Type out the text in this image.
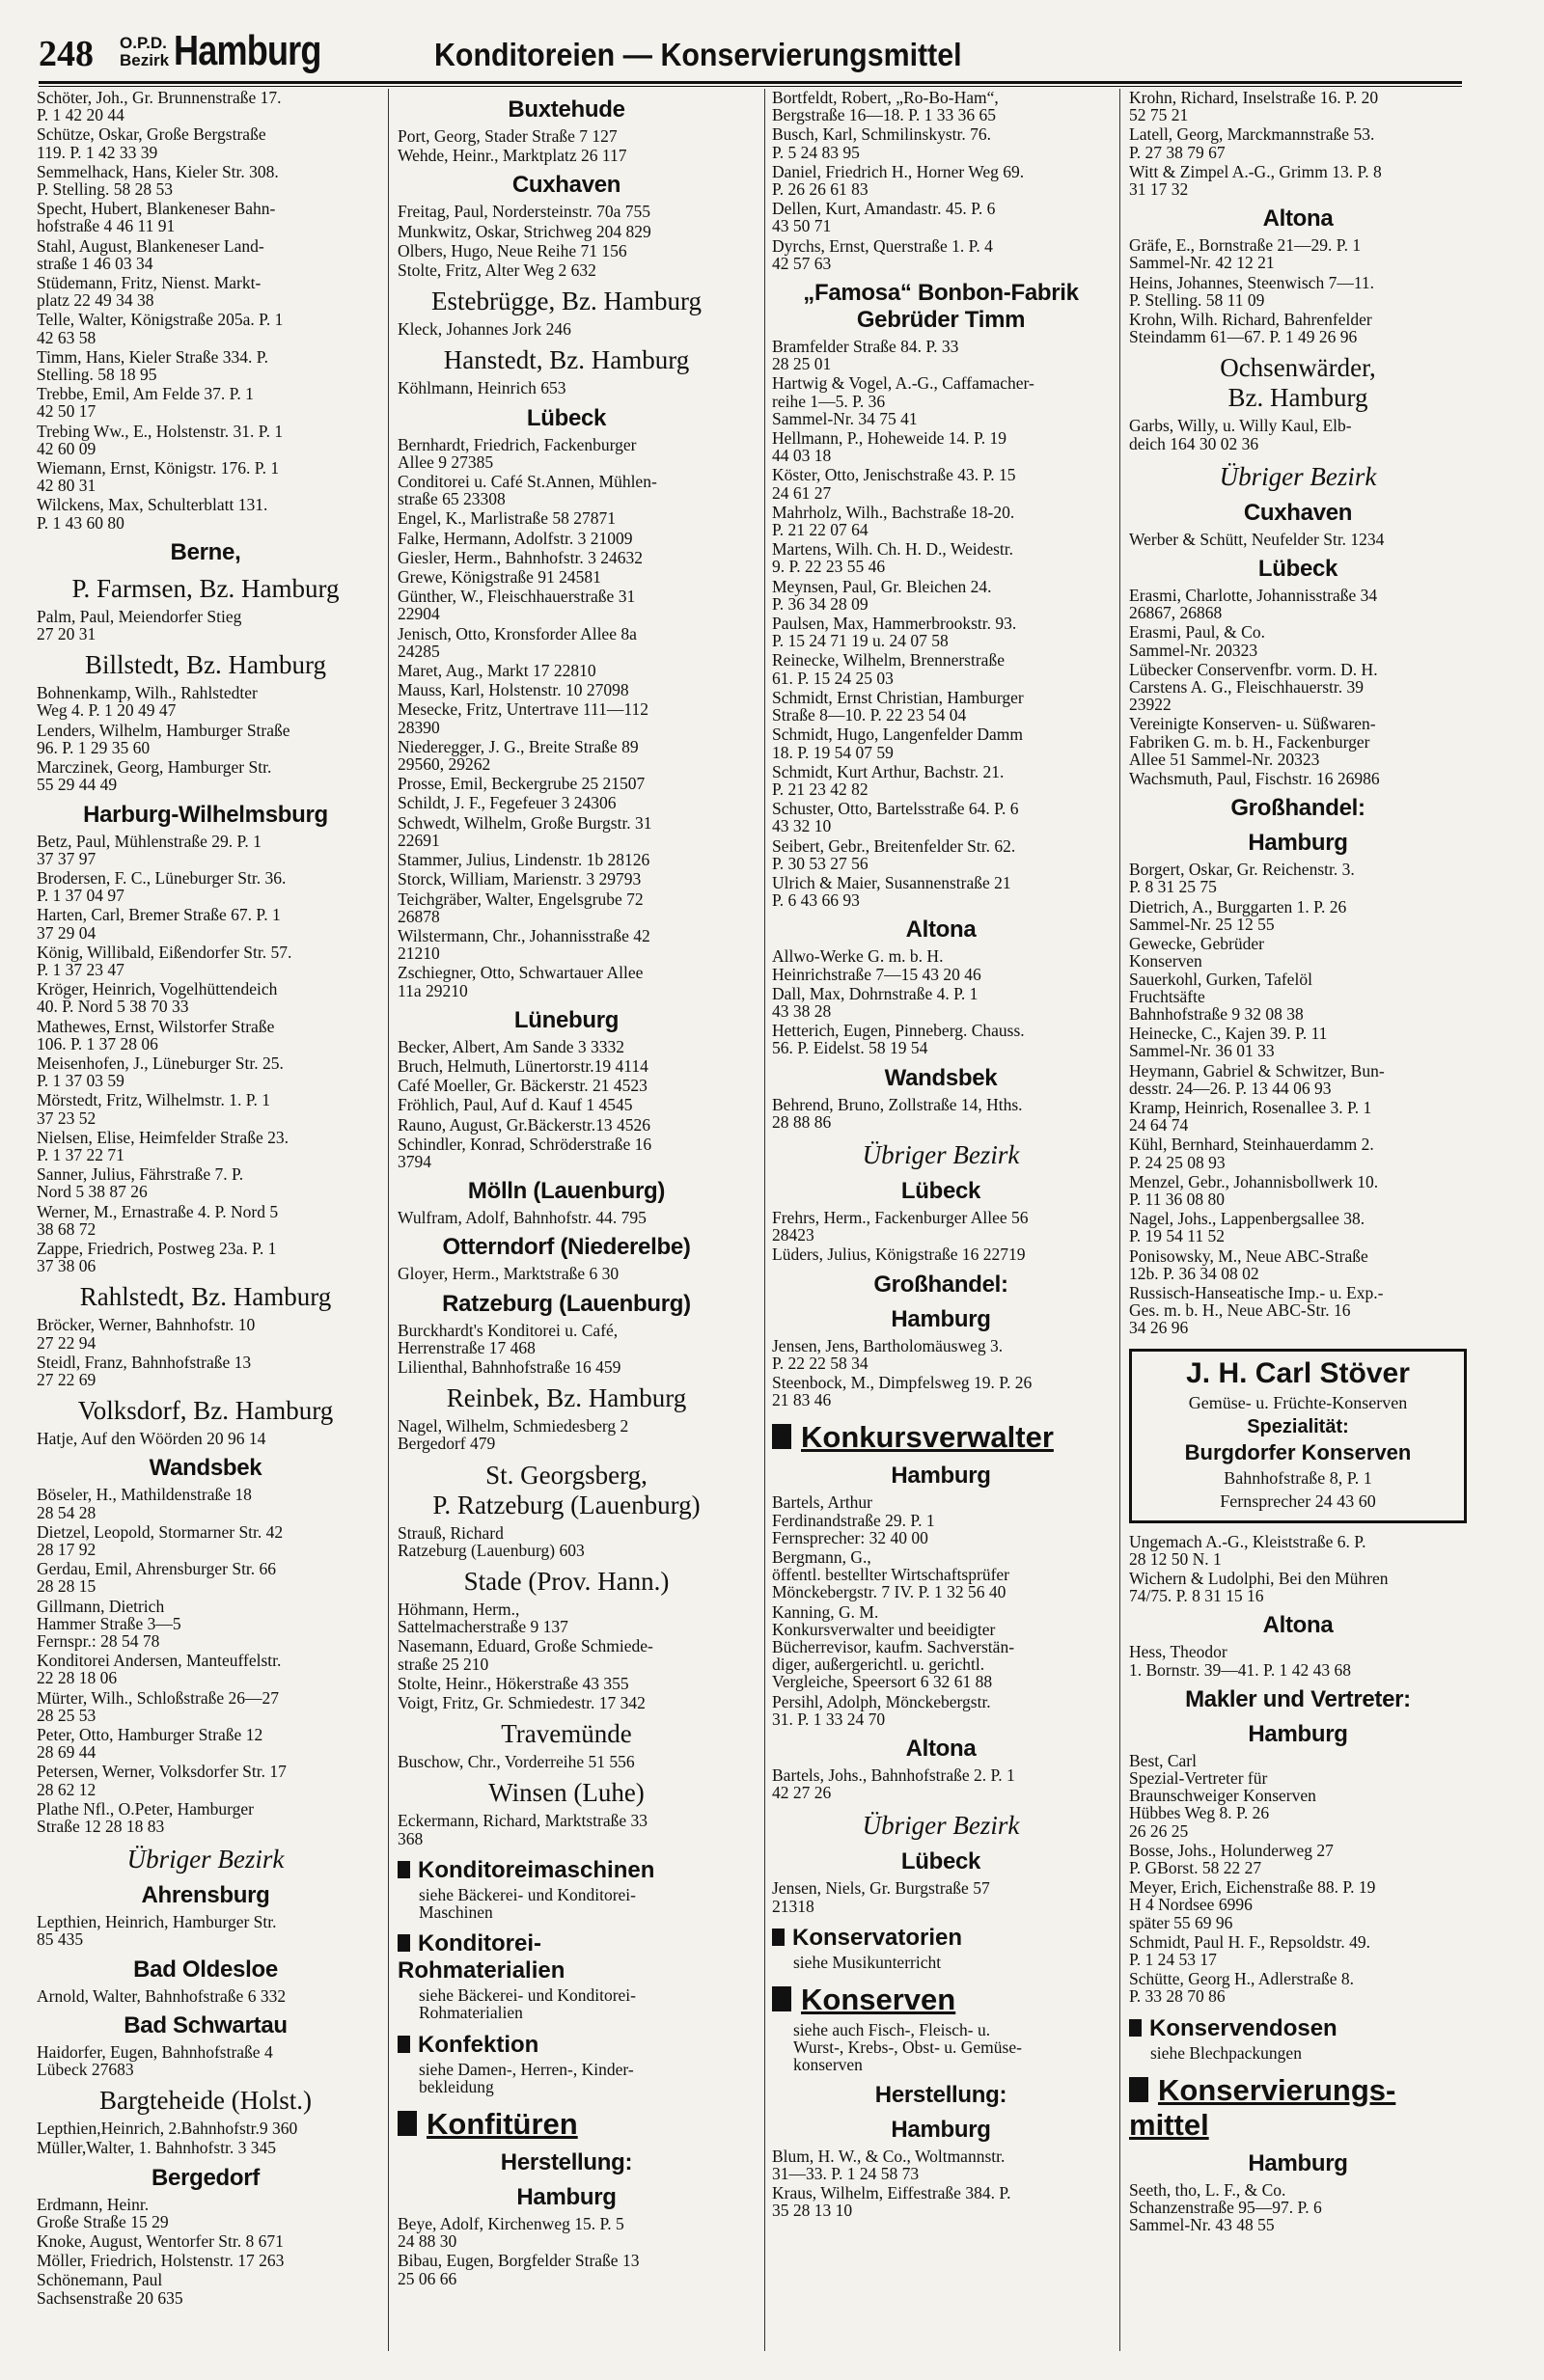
248 O.P.D.
Bezirk Hamburg	Konditoreien — Konservierungsmittel
Schöter, Joh., Gr. Brunnenstraße 17.
P. 1 42 20 44
Schütze, Oskar, Große Bergstraße
119. P. 1 42 33 39
Semmelhack, Hans, Kieler Str. 308.
P. Stelling. 58 28 53
Specht, Hubert, Blankeneser Bahn-
hofstraße 4 46 11 91
Stahl, August, Blankeneser Land-
straße 1 46 03 34
Stüdemann, Fritz, Nienst. Markt-
platz 22 49 34 38
Telle, Walter, Königstraße 205a. P. 1
42 63 58
Timm, Hans, Kieler Straße 334. P.
Stelling. 58 18 95
Trebbe, Emil, Am Felde 37. P. 1
42 50 17
Trebing Ww., E., Holstenstr. 31. P. 1
42 60 09
Wiemann, Ernst, Königstr. 176. P. 1
42 80 31
Wilckens, Max, Schulterblatt 131.
P. 1 43 60 80
Berne,
P. Farmsen, Bz. Hamburg
Palm, Paul, Meiendorfer Stieg
27 20 31
Billstedt, Bz. Hamburg
Bohnenkamp, Wilh., Rahlstedter
Weg 4. P. 1 20 49 47
Lenders, Wilhelm, Hamburger Straße
96. P. 1 29 35 60
Marczinek, Georg, Hamburger Str.
55 29 44 49
Harburg-Wilhelmsburg
Betz, Paul, Mühlenstraße 29. P. 1
37 37 97
Brodersen, F. C., Lüneburger Str. 36.
P. 1 37 04 97
Harten, Carl, Bremer Straße 67. P. 1
37 29 04
König, Willibald, Eißendorfer Str. 57.
P. 1 37 23 47
Kröger, Heinrich, Vogelhüttendeich
40. P. Nord 5 38 70 33
Mathewes, Ernst, Wilstorfer Straße
106. P. 1 37 28 06
Meisenhofen, J., Lüneburger Str. 25.
P. 1 37 03 59
Mörstedt, Fritz, Wilhelmstr. 1. P. 1
37 23 52
Nielsen, Elise, Heimfelder Straße 23.
P. 1 37 22 71
Sanner, Julius, Fährstraße 7. P.
Nord 5 38 87 26
Werner, M., Ernastraße 4. P. Nord 5
38 68 72
Zappe, Friedrich, Postweg 23a. P. 1
37 38 06
Rahlstedt, Bz. Hamburg
Bröcker, Werner, Bahnhofstr. 10
27 22 94
Steidl, Franz, Bahnhofstraße 13
27 22 69
Volksdorf, Bz. Hamburg
Hatje, Auf den Wöörden 20 96 14
Wandsbek
Böseler, H., Mathildenstraße 18
28 54 28
Dietzel, Leopold, Stormarner Str. 42
28 17 92
Gerdau, Emil, Ahrensburger Str. 66
28 28 15
Gillmann, Dietrich
Hammer Straße 3—5
Fernspr.: 28 54 78
Konditorei Andersen, Manteuffelstr.
22 28 18 06
Mürter, Wilh., Schloßstraße 26—27
28 25 53
Peter, Otto, Hamburger Straße 12
28 69 44
Petersen, Werner, Volksdorfer Str. 17
28 62 12
Plathe Nfl., O.Peter, Hamburger
Straße 12 28 18 83
Übriger Bezirk
Ahrensburg
Lepthien, Heinrich, Hamburger Str.
85 435
Bad Oldesloe
Arnold, Walter, Bahnhofstraße 6 332
Bad Schwartau
Haidorfer, Eugen, Bahnhofstraße 4
Lübeck 27683
Bargteheide (Holst.)
Lepthien,Heinrich, 2.Bahnhofstr.9 360
Müller,Walter, 1. Bahnhofstr. 3 345
Bergedorf
Erdmann, Heinr.
Große Straße 15 29
Knoke, August, Wentorfer Str. 8 671
Möller, Friedrich, Holstenstr. 17 263
Schönemann, Paul
Sachsenstraße 20 635
Buxtehude
Port, Georg, Stader Straße 7 127
Wehde, Heinr., Marktplatz 26 117
Cuxhaven
Freitag, Paul, Norderstеinstr. 70a 755
Munkwitz, Oskar, Strichweg 204 829
Olbers, Hugo, Neue Reihe 71 156
Stolte, Fritz, Alter Weg 2 632
Estebrügge, Bz. Hamburg
Kleck, Johannes Jork 246
Hanstedt, Bz. Hamburg
Köhlmann, Heinrich 653
Lübeck
Bernhardt, Friedrich, Fackenburger
Allee 9 27385
Conditorei u. Café St.Annen, Mühlen-
straße 65 23308
Engel, K., Marlistraße 58 27871
Falke, Hermann, Adolfstr. 3 21009
Giesler, Herm., Bahnhofstr. 3 24632
Grewe, Königstraße 91 24581
Günther, W., Fleischhauerstraße 31
22904
Jenisch, Otto, Kronsforder Allee 8a
24285
Maret, Aug., Markt 17 22810
Mauss, Karl, Holstenstr. 10 27098
Mesecke, Fritz, Untertrave 111—112
28390
Niederegger, J. G., Breite Straße 89
29560, 29262
Prosse, Emil, Beckergrube 25 21507
Schildt, J. F., Fegefeuer 3 24306
Schwedt, Wilhelm, Große Burgstr. 31
22691
Stammer, Julius, Lindenstr. 1b 28126
Storck, William, Marienstr. 3 29793
Teichgräber, Walter, Engelsgrube 72
26878
Wilstermann, Chr., Johannisstraße 42
21210
Zschiegner, Otto, Schwartauer Allee
11a 29210
Lüneburg
Becker, Albert, Am Sande 3 3332
Bruch, Helmuth, Lünertorstr.19 4114
Café Moeller, Gr. Bäckerstr. 21 4523
Fröhlich, Paul, Auf d. Kauf 1 4545
Rauno, August, Gr.Bäckerstr.13 4526
Schindler, Konrad, Schröderstraße 16
3794
Mölln (Lauenburg)
Wulfram, Adolf, Bahnhofstr. 44. 795
Otterndorf (Niederelbe)
Gloyer, Herm., Marktstraße 6 30
Ratzeburg (Lauenburg)
Burckhardt's Konditorei u. Café,
Herrenstraße 17 468
Lilienthal, Bahnhofstraße 16 459
Reinbek, Bz. Hamburg
Nagel, Wilhelm, Schmiedesberg 2
Bergedorf 479
St. Georgsberg,
P. Ratzeburg (Lauenburg)
Strauß, Richard
Ratzeburg (Lauenburg) 603
Stade (Prov. Hann.)
Höhmann, Herm.,
Sattelmacherstraße 9 137
Nasemann, Eduard, Große Schmiede-
straße 25 210
Stolte, Heinr., Hökerstraße 43 355
Voigt, Fritz, Gr. Schmiedestr. 17 342
Travemünde
Buschow, Chr., Vorderreihe 51 556
Winsen (Luhe)
Eckermann, Richard, Marktstraße 33
368
Konditoreimaschinen
siehe Bäckerei- und Konditorei-
Maschinen
Konditorei-
Rohmaterialien
siehe Bäckerei- und Konditorei-
Rohmaterialien
Konfektion
siehe Damen-, Herren-, Kinder-
bekleidung
Konfitüren
Herstellung:
Hamburg
Beye, Adolf, Kirchenweg 15. P. 5
24 88 30
Bibau, Eugen, Borgfelder Straße 13
25 06 66
Bortfeldt, Robert, „Ro-Bo-Ham“,
Bergstraße 16—18. P. 1 33 36 65
Busch, Karl, Schmilinskystr. 76.
P. 5 24 83 95
Daniel, Friedrich H., Horner Weg 69.
P. 26 26 61 83
Dellen, Kurt, Amandastr. 45. P. 6
43 50 71
Dyrchs, Ernst, Querstraße 1. P. 4
42 57 63
„Famosa“ Bonbon-Fabrik
Gebrüder Timm
Bramfelder Straße 84. P. 33
28 25 01
Hartwig & Vogel, A.-G., Caffamacher-
reihe 1—5. P. 36
Sammel-Nr. 34 75 41
Hellmann, P., Hoheweide 14. P. 19
44 03 18
Köster, Otto, Jenischstraße 43. P. 15
24 61 27
Mahrholz, Wilh., Bachstraße 18-20.
P. 21 22 07 64
Martens, Wilh. Ch. H. D., Weidestr.
9. P. 22 23 55 46
Meynsen, Paul, Gr. Bleichen 24.
P. 36 34 28 09
Paulsen, Max, Hammerbrookstr. 93.
P. 15 24 71 19 u. 24 07 58
Reinecke, Wilhelm, Brennerstraße
61. P. 15 24 25 03
Schmidt, Ernst Christian, Hamburger
Straße 8—10. P. 22 23 54 04
Schmidt, Hugo, Langenfelder Damm
18. P. 19 54 07 59
Schmidt, Kurt Arthur, Bachstr. 21.
P. 21 23 42 82
Schuster, Otto, Bartelsstraße 64. P. 6
43 32 10
Seibert, Gebr., Breitenfelder Str. 62.
P. 30 53 27 56
Ulrich & Maier, Susannenstraße 21
P. 6 43 66 93
Altona
Allwo-Werke G. m. b. H.
Heinrichstraße 7—15 43 20 46
Dall, Max, Dohrnstraße 4. P. 1
43 38 28
Hetterich, Eugen, Pinneberg. Chauss.
56. P. Eidelst. 58 19 54
Wandsbek
Behrend, Bruno, Zollstraße 14, Hths.
28 88 86
Übriger Bezirk
Lübeck
Frehrs, Herm., Fackenburger Allee 56
28423
Lüders, Julius, Königstraße 16 22719
Großhandel:
Hamburg
Jensen, Jens, Bartholomäusweg 3.
P. 22 22 58 34
Steenbock, M., Dimpfelsweg 19. P. 26
21 83 46
Konkursverwalter
Hamburg
Bartels, Arthur
Ferdinandstraße 29. P. 1
Fernsprecher: 32 40 00
Bergmann, G.,
öffentl. bestellter Wirtschaftsprüfer
Mönckebergstr. 7 IV. P. 1 32 56 40
Kanning, G. M.
Konkursverwalter und beeidigter
Bücherrevisor, kaufm. Sachverstän-
diger, außergerichtl. u. gerichtl.
Vergleiche, Speersort 6 32 61 88
Persihl, Adolph, Mönckebergstr.
31. P. 1 33 24 70
Altona
Bartels, Johs., Bahnhofstraße 2. P. 1
42 27 26
Übriger Bezirk
Lübeck
Jensen, Niels, Gr. Burgstraße 57
21318
Konservatorien
siehe Musikunterricht
Konserven
siehe auch Fisch-, Fleisch- u.
Wurst-, Krebs-, Obst- u. Gemüse-
konserven
Herstellung:
Hamburg
Blum, H. W., & Co., Woltmannstr.
31—33. P. 1 24 58 73
Kraus, Wilhelm, Eiffestraße 384. P.
35 28 13 10
Krohn, Richard, Inselstraße 16. P. 20
52 75 21
Latell, Georg, Marckmannstraße 53.
P. 27 38 79 67
Witt & Zimpel A.-G., Grimm 13. P. 8
31 17 32
Altona
Gräfe, E., Bornstraße 21—29. P. 1
Sammel-Nr. 42 12 21
Heins, Johannes, Steenwisch 7—11.
P. Stelling. 58 11 09
Krohn, Wilh. Richard, Bahrenfelder
Steindamm 61—67. P. 1 49 26 96
Ochsenwärder,
Bz. Hamburg
Garbs, Willy, u. Willy Kaul, Elb-
deich 164 30 02 36
Übriger Bezirk
Cuxhaven
Werber & Schütt, Neufelder Str. 1234
Lübeck
Erasmi, Charlotte, Johannisstraße 34
26867, 26868
Erasmi, Paul, & Co.
Sammel-Nr. 20323
Lübecker Conservenfbr. vorm. D. H.
Carstens A. G., Fleischhauerstr. 39
23922
Vereinigte Konserven- u. Süßwaren-
Fabriken G. m. b. H., Fackenburger
Allee 51 Sammel-Nr. 20323
Wachsmuth, Paul, Fischstr. 16 26986
Großhandel:
Hamburg
Borgert, Oskar, Gr. Reichenstr. 3.
P. 8 31 25 75
Dietrich, A., Burggarten 1. P. 26
Sammel-Nr. 25 12 55
Gewecke, Gebrüder
Konserven
Sauerkohl, Gurken, Tafelöl
Fruchtsäfte
Bahnhofstraße 9 32 08 38
Heinecke, C., Kajen 39. P. 11
Sammel-Nr. 36 01 33
Heymann, Gabriel & Schwitzer, Bun-
desstr. 24—26. P. 13 44 06 93
Kramp, Heinrich, Rosenallee 3. P. 1
24 64 74
Kühl, Bernhard, Steinhauerdamm 2.
P. 24 25 08 93
Menzel, Gebr., Johannisbollwerk 10.
P. 11 36 08 80
Nagel, Johs., Lappenbergsallee 38.
P. 19 54 11 52
Ponisowsky, M., Neue ABC-Straße
12b. P. 36 34 08 02
Russisch-Hanseatische Imp.- u. Exp.-
Ges. m. b. H., Neue ABC-Str. 16
34 26 96
J. H. Carl Stöver
Gemüse- u. Früchte-Konserven
Spezialität:
Burgdorfer Konserven
Bahnhofstraße 8, P. 1
Fernsprecher 24 43 60
Ungemach A.-G., Kleiststraße 6. P.
28 12 50 N. 1
Wichern & Ludolphi, Bei den Mühren
74/75. P. 8 31 15 16
Altona
Hess, Theodor
1. Bornstr. 39—41. P. 1 42 43 68
Makler und Vertreter:
Hamburg
Best, Carl
Spezial-Vertreter für
Braunschweiger Konserven
Hübbes Weg 8. P. 26
26 26 25
Bosse, Johs., Holunderweg 27
P. GBorst. 58 22 27
Meyer, Erich, Eichenstraße 88. P. 19
H 4 Nordsee 6996
später 55 69 96
Schmidt, Paul H. F., Repsoldstr. 49.
P. 1 24 53 17
Schütte, Georg H., Adlerstraße 8.
P. 33 28 70 86
Konservendosen
siehe Blechpackungen
Konservierungs-
mittel
Hamburg
Seeth, tho, L. F., & Co.
Schanzenstraße 95—97. P. 6
Sammel-Nr. 43 48 55
